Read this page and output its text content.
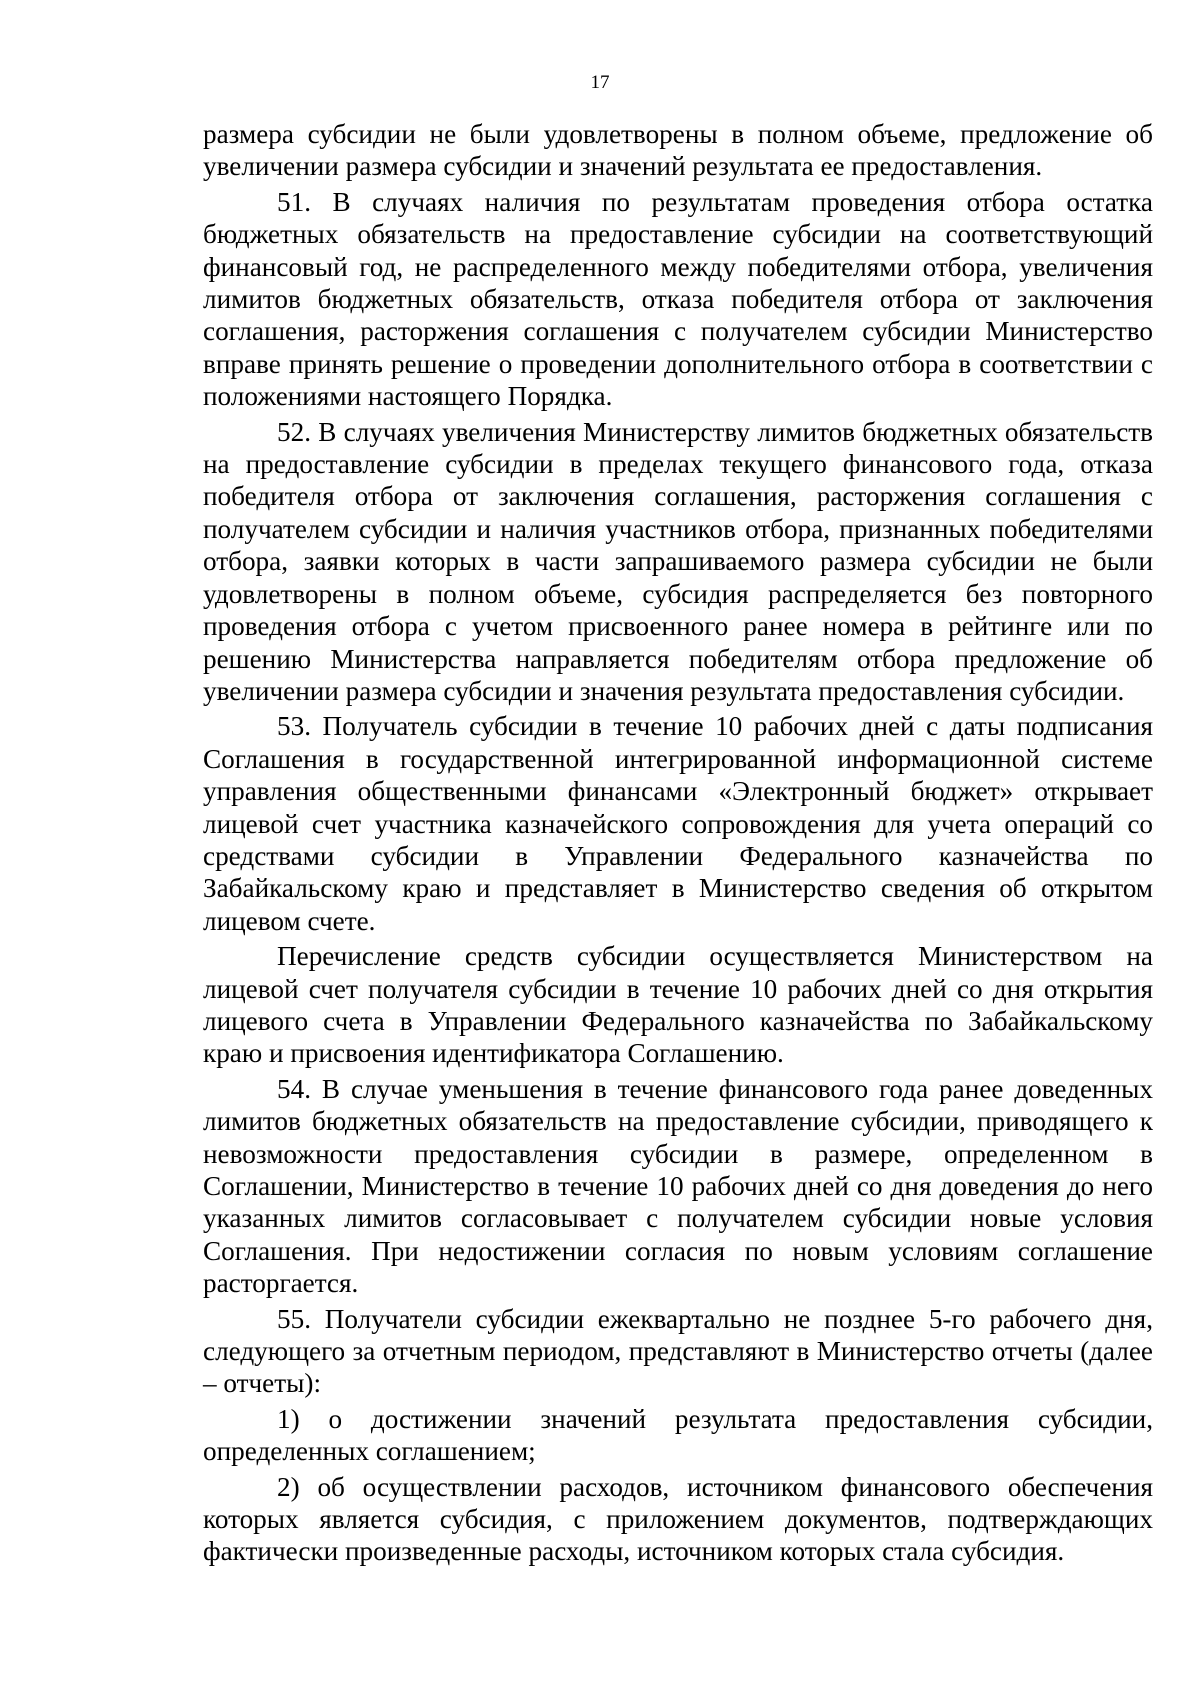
17

размера субсидии не были удовлетворены в полном объеме, предложение об увеличении размера субсидии и значений результата ее предоставления.

51. В случаях наличия по результатам проведения отбора остатка бюджетных обязательств на предоставление субсидии на соответствующий финансовый год, не распределенного между победителями отбора, увеличения лимитов бюджетных обязательств, отказа победителя отбора от заключения соглашения, расторжения соглашения с получателем субсидии Министерство вправе принять решение о проведении дополнительного отбора в соответствии с положениями настоящего Порядка.

52. В случаях увеличения Министерству лимитов бюджетных обязательств на предоставление субсидии в пределах текущего финансового года, отказа победителя отбора от заключения соглашения, расторжения соглашения с получателем субсидии и наличия участников отбора, признанных победителями отбора, заявки которых в части запрашиваемого размера субсидии не были удовлетворены в полном объеме, субсидия распределяется без повторного проведения отбора с учетом присвоенного ранее номера в рейтинге или по решению Министерства направляется победителям отбора предложение об увеличении размера субсидии и значения результата предоставления субсидии.

53. Получатель субсидии в течение 10 рабочих дней с даты подписания Соглашения в государственной интегрированной информационной системе управления общественными финансами «Электронный бюджет» открывает лицевой счет участника казначейского сопровождения для учета операций со средствами субсидии в Управлении Федерального казначейства по Забайкальскому краю и представляет в Министерство сведения об открытом лицевом счете.

Перечисление средств субсидии осуществляется Министерством на лицевой счет получателя субсидии в течение 10 рабочих дней со дня открытия лицевого счета в Управлении Федерального казначейства по Забайкальскому краю и присвоения идентификатора Соглашению.

54. В случае уменьшения в течение финансового года ранее доведенных лимитов бюджетных обязательств на предоставление субсидии, приводящего к невозможности предоставления субсидии в размере, определенном в Соглашении, Министерство в течение 10 рабочих дней со дня доведения до него указанных лимитов согласовывает с получателем субсидии новые условия Соглашения. При недостижении согласия по новым условиям соглашение расторгается.

55. Получатели субсидии ежеквартально не позднее 5-го рабочего дня, следующего за отчетным периодом, представляют в Министерство отчеты (далее – отчеты):

1) о достижении значений результата предоставления субсидии, определенных соглашением;

2) об осуществлении расходов, источником финансового обеспечения которых является субсидия, с приложением документов, подтверждающих фактически произведенные расходы, источником которых стала субсидия.
